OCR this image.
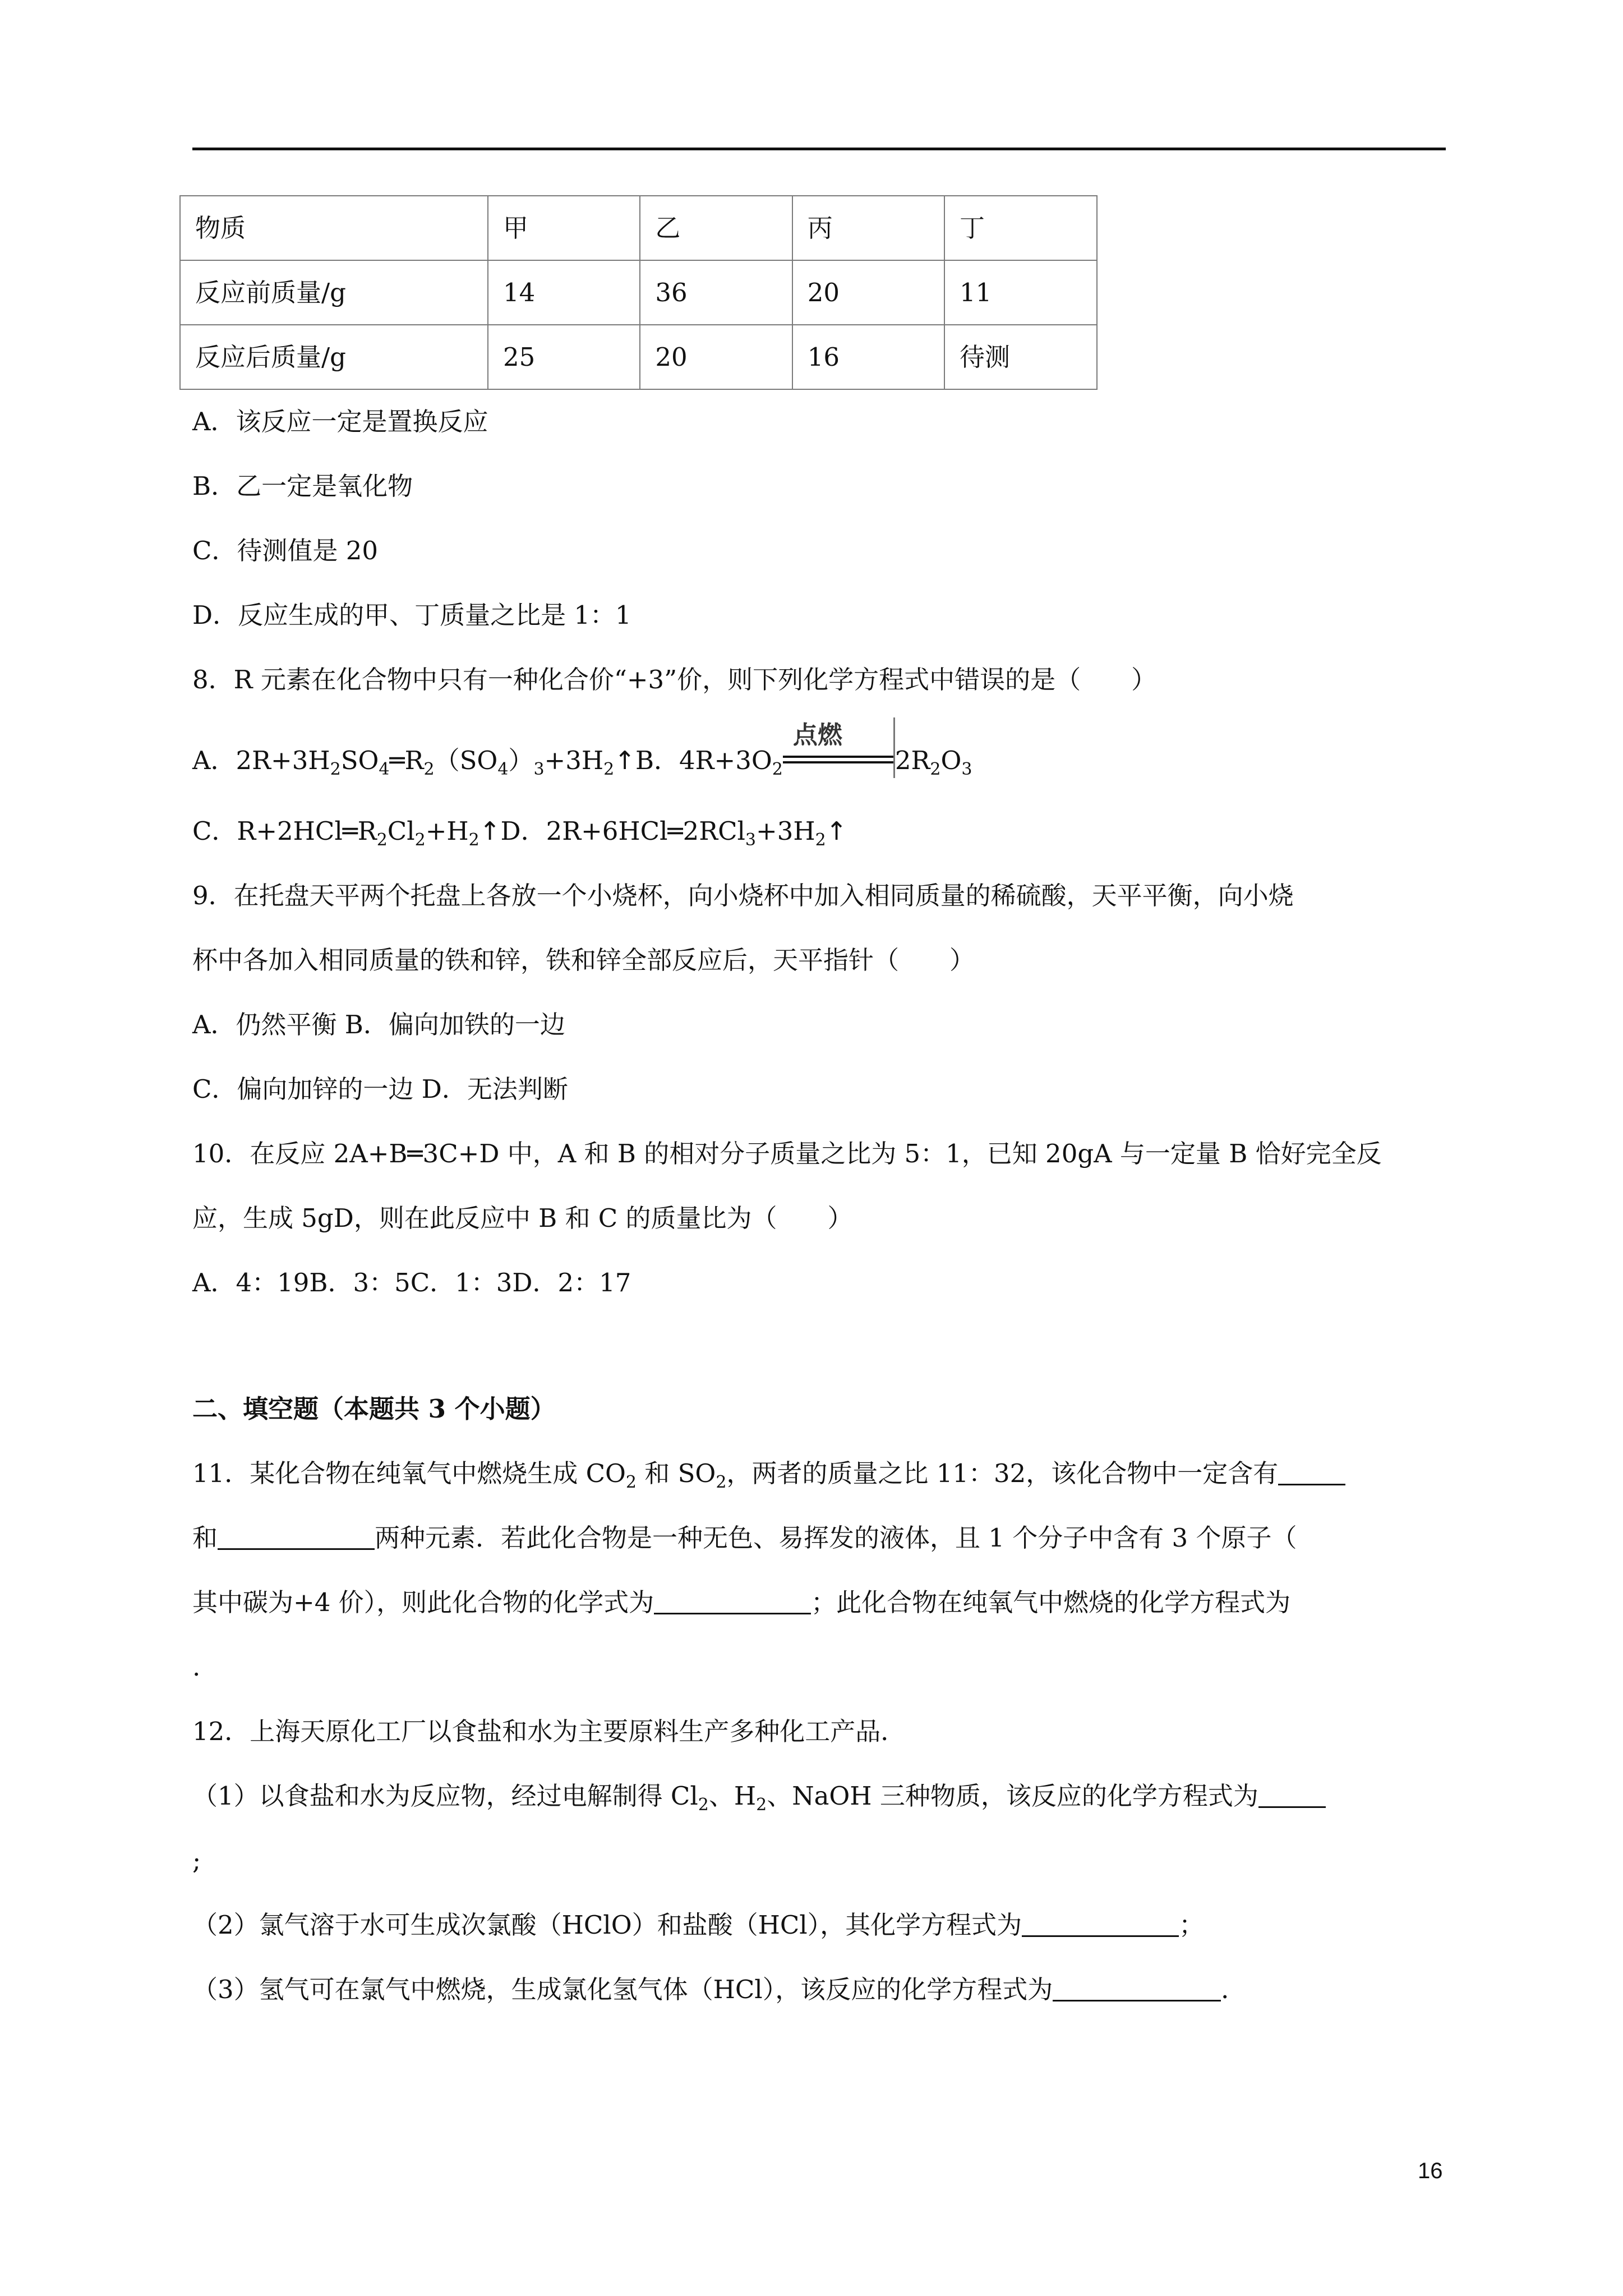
物质	甲	乙	丙	丁
反应前质量/g	14	36	20	11
反应后质量/g	25	20	16	待测
A．该反应一定是置换反应
B．乙一定是氧化物
C．待测值是 20
D．反应生成的甲、丁质量之比是 1：1
8．R 元素在化合物中只有一种化合价“+3”价，则下列化学方程式中错误的是（　　）
A．$2R+3H_2SO_4═R_2(SO_4)_3+3H_2↑B$．$4R+3O_2$
点燃
$2R_2O_3$
C．$R+2HCl═R_2Cl_2+H_2↑D$．$2R+6HCl═2RCl_3+3H_2↑$
9．在托盘天平两个托盘上各放一个小烧杯，向小烧杯中加入相同质量的稀硫酸，天平平衡，向小烧
杯中各加入相同质量的铁和锌，铁和锌全部反应后，天平指针（　　）
A．仍然平衡 B．偏向加铁的一边
C．偏向加锌的一边 D．无法判断
10．在反应 2A+B═3C+D 中，A 和 B 的相对分子质量之比为 5：1，已知 20gA 与一定量 B 恰好完全反
应，生成 5gD，则在此反应中 B 和 C 的质量比为（　　）
A．4：19B．3：5C．1：3D．2：17
二、填空题（本题共 3 个小题）
11．某化合物在纯氧气中燃烧生成 $CO_2$ 和 $SO_2$，两者的质量之比 11：32，该化合物中一定含有
和	两种元素．若此化合物是一种无色、易挥发的液体，且 1 个分子中含有 3 个原子（
其中碳为+4 价），则此化合物的化学式为	；此化合物在纯氧气中燃烧的化学方程式为
.
12．上海天原化工厂以食盐和水为主要原料生产多种化工产品．
（1）以食盐和水为反应物，经过电解制得 $Cl_2$、$H_2$、NaOH 三种物质，该反应的化学方程式为
;
（2）氯气溶于水可生成次氯酸（HClO）和盐酸（HCl），其化学方程式为	；
（3）氢气可在氯气中燃烧，生成氯化氢气体（HCl），该反应的化学方程式为	．
16
